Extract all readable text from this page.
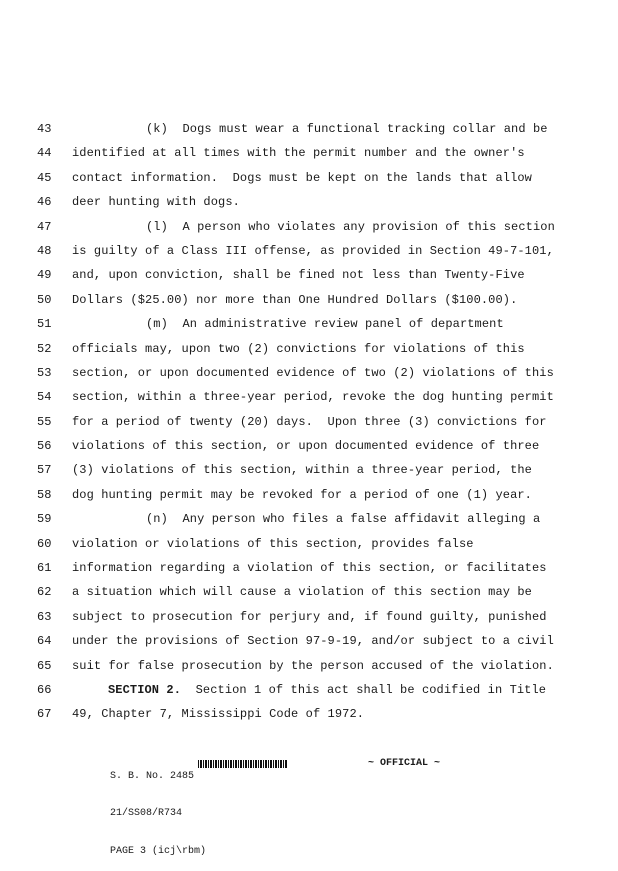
43	(k)  Dogs must wear a functional tracking collar and be
44	identified at all times with the permit number and the owner's
45	contact information.  Dogs must be kept on the lands that allow
46	deer hunting with dogs.
47	(l)  A person who violates any provision of this section
48	is guilty of a Class III offense, as provided in Section 49-7-101,
49	and, upon conviction, shall be fined not less than Twenty-Five
50	Dollars ($25.00) nor more than One Hundred Dollars ($100.00).
51	(m)  An administrative review panel of department
52	officials may, upon two (2) convictions for violations of this
53	section, or upon documented evidence of two (2) violations of this
54	section, within a three-year period, revoke the dog hunting permit
55	for a period of twenty (20) days.  Upon three (3) convictions for
56	violations of this section, or upon documented evidence of three
57	(3) violations of this section, within a three-year period, the
58	dog hunting permit may be revoked for a period of one (1) year.
59	(n)  Any person who files a false affidavit alleging a
60	violation or violations of this section, provides false
61	information regarding a violation of this section, or facilitates
62	a situation which will cause a violation of this section may be
63	subject to prosecution for perjury and, if found guilty, punished
64	under the provisions of Section 97-9-19, and/or subject to a civil
65	suit for false prosecution by the person accused of the violation.
66	SECTION 2.  Section 1 of this act shall be codified in Title
67	49, Chapter 7, Mississippi Code of 1972.

S. B. No. 2485

~ OFFICIAL ~

21/SS08/R734

PAGE 3 (icj\rbm)
